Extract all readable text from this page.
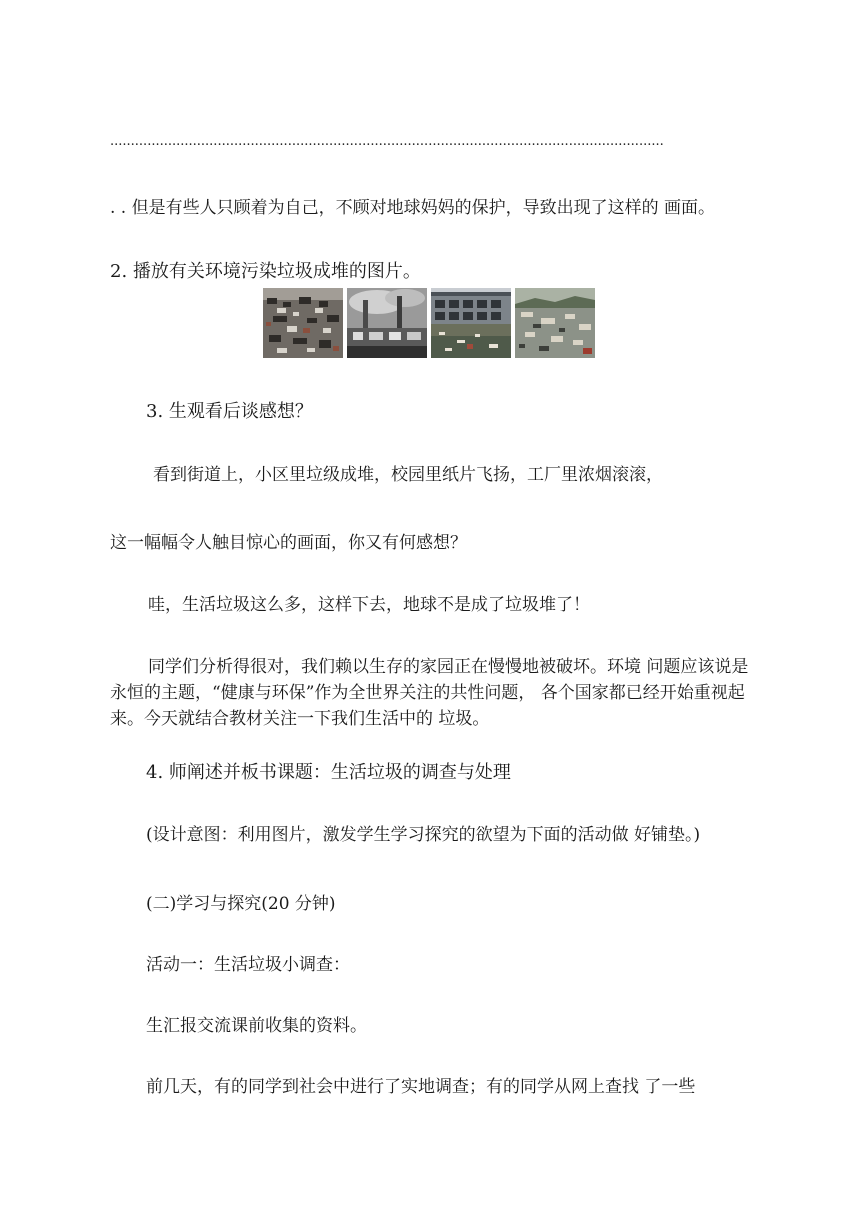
......................................................................................................................................
. . 但是有些人只顾着为自己，不顾对地球妈妈的保护，导致出现了这样的 画面。
2. 播放有关环境污染垃圾成堆的图片。
3. 生观看后谈感想？
看到街道上，小区里垃级成堆，校园里纸片飞扬，工厂里浓烟滚滚，
这一幅幅令人触目惊心的画面，你又有何感想？
哇，生活垃圾这么多，这样下去，地球不是成了垃圾堆了！
同学们分析得很对，我们赖以生存的家园正在慢慢地被破坏。环境 问题应该说是永恒的主题，“健康与环保”作为全世界关注的共性问题， 各个国家都已经开始重视起来。今天就结合教材关注一下我们生活中的 垃圾。
4. 师阐述并板书课题：生活垃圾的调查与处理
(设计意图：利用图片，激发学生学习探究的欲望为下面的活动做 好铺垫。)
(二)学习与探究(20 分钟)
活动一：生活垃圾小调查：
生汇报交流课前收集的资料。
前几天，有的同学到社会中进行了实地调查；有的同学从网上查找 了一些
